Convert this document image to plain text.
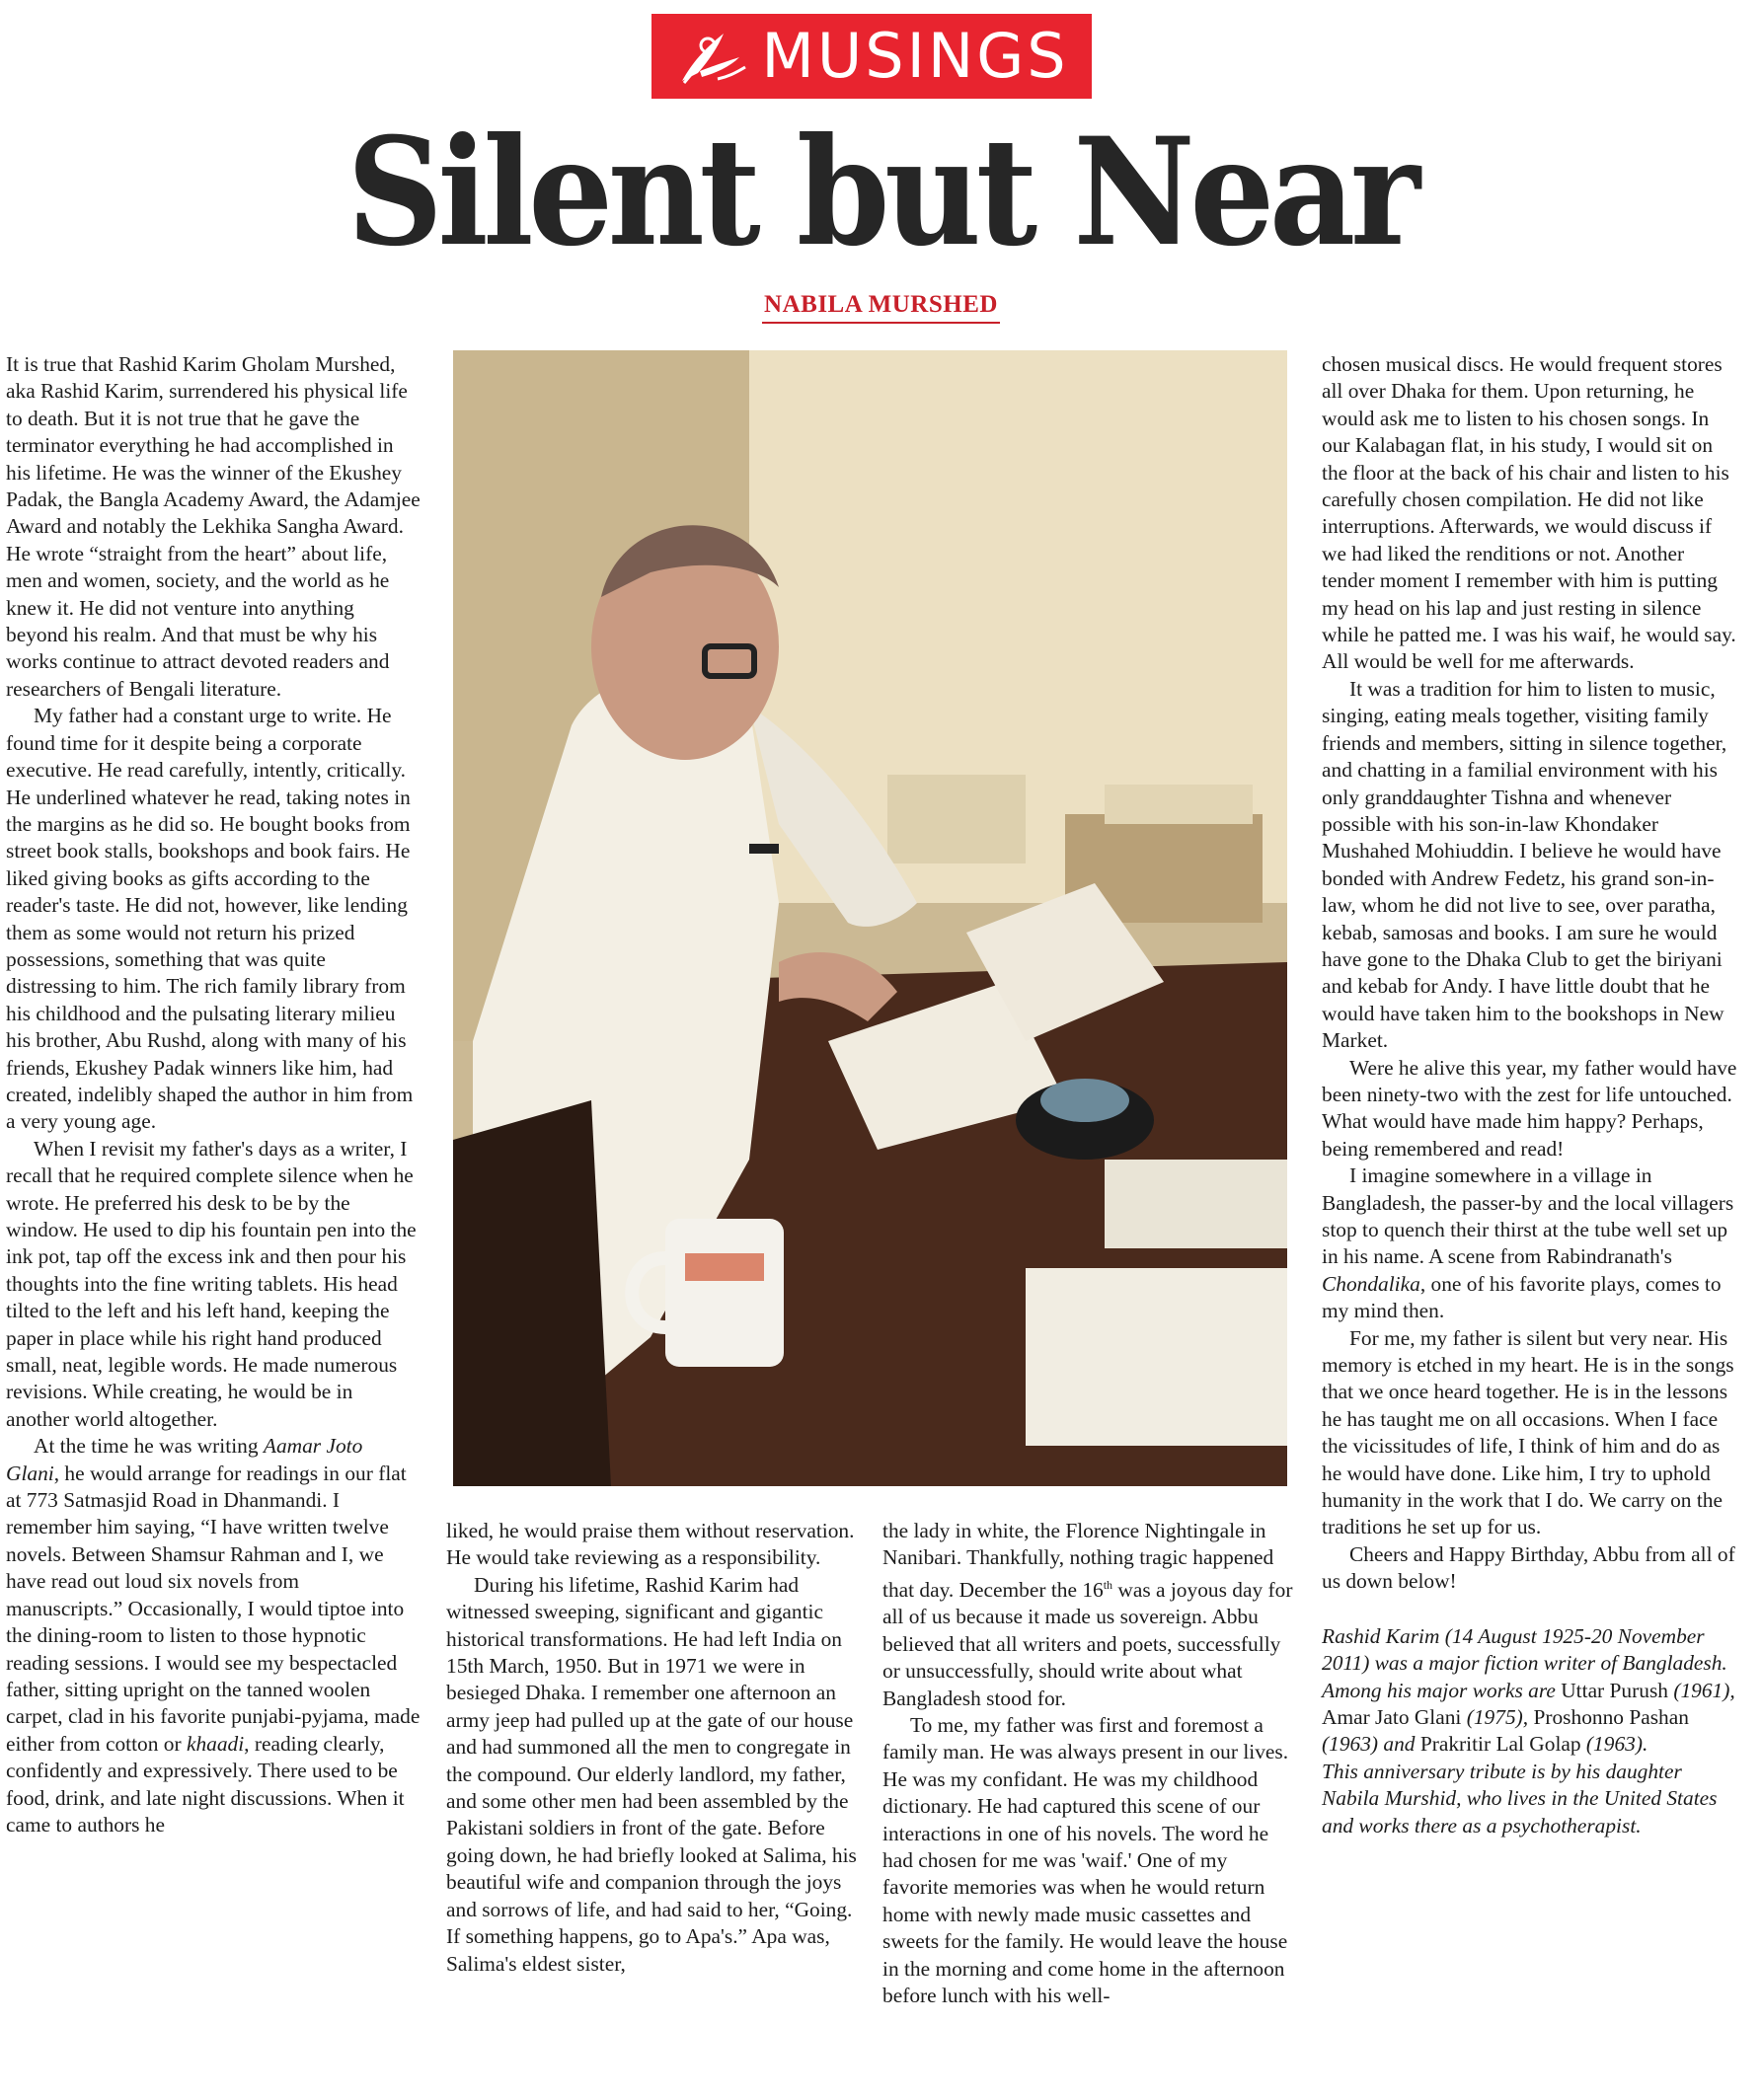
MUSINGS
Silent but Near
NABILA MURSHED

It is true that Rashid Karim Gholam Murshed, aka Rashid Karim, surrendered his physical life to death. But it is not true that he gave the terminator everything he had accomplished in his lifetime. He was the winner of the Ekushey Padak, the Bangla Academy Award, the Adamjee Award and notably the Lekhika Sangha Award. He wrote “straight from the heart” about life, men and women, society, and the world as he knew it. He did not venture into anything beyond his realm. And that must be why his works continue to attract devoted readers and researchers of Bengali literature.

My father had a constant urge to write. He found time for it despite being a corporate executive. He read carefully, intently, critically. He underlined whatever he read, taking notes in the margins as he did so. He bought books from street book stalls, bookshops and book fairs. He liked giving books as gifts according to the reader's taste. He did not, however, like lending them as some would not return his prized possessions, something that was quite distressing to him. The rich family library from his childhood and the pulsating literary milieu his brother, Abu Rushd, along with many of his friends, Ekushey Padak winners like him, had created, indelibly shaped the author in him from a very young age.

When I revisit my father's days as a writer, I recall that he required complete silence when he wrote. He preferred his desk to be by the window. He used to dip his fountain pen into the ink pot, tap off the excess ink and then pour his thoughts into the fine writing tablets. His head tilted to the left and his left hand, keeping the paper in place while his right hand produced small, neat, legible words. He made numerous revisions. While creating, he would be in another world altogether.

At the time he was writing Aamar Joto Glani, he would arrange for readings in our flat at 773 Satmasjid Road in Dhanmandi. I remember him saying, “I have written twelve novels. Between Shamsur Rahman and I, we have read out loud six novels from manuscripts.” Occasionally, I would tiptoe into the dining-room to listen to those hypnotic reading sessions. I would see my bespectacled father, sitting upright on the tanned woolen carpet, clad in his favorite punjabi-pyjama, made either from cotton or khaadi, reading clearly, confidently and expressively. There used to be food, drink, and late night discussions. When it came to authors he

liked, he would praise them without reservation. He would take reviewing as a responsibility.

During his lifetime, Rashid Karim had witnessed sweeping, significant and gigantic historical transformations. He had left India on 15th March, 1950. But in 1971 we were in besieged Dhaka. I remember one afternoon an army jeep had pulled up at the gate of our house and had summoned all the men to congregate in the compound. Our elderly landlord, my father, and some other men had been assembled by the Pakistani soldiers in front of the gate. Before going down, he had briefly looked at Salima, his beautiful wife and companion through the joys and sorrows of life, and had said to her, “Going. If something happens, go to Apa's.” Apa was, Salima's eldest sister,

the lady in white, the Florence Nightingale in Nanibari. Thankfully, nothing tragic happened that day. December the 16th was a joyous day for all of us because it made us sovereign. Abbu believed that all writers and poets, successfully or unsuccessfully, should write about what Bangladesh stood for.

To me, my father was first and foremost a family man. He was always present in our lives. He was my confidant. He was my childhood dictionary. He had captured this scene of our interactions in one of his novels. The word he had chosen for me was 'waif.' One of my favorite memories was when he would return home with newly made music cassettes and sweets for the family. He would leave the house in the morning and come home in the afternoon before lunch with his well-

chosen musical discs. He would frequent stores all over Dhaka for them. Upon returning, he would ask me to listen to his chosen songs. In our Kalabagan flat, in his study, I would sit on the floor at the back of his chair and listen to his carefully chosen compilation. He did not like interruptions. Afterwards, we would discuss if we had liked the renditions or not. Another tender moment I remember with him is putting my head on his lap and just resting in silence while he patted me. I was his waif, he would say. All would be well for me afterwards.

It was a tradition for him to listen to music, singing, eating meals together, visiting family friends and members, sitting in silence together, and chatting in a familial environment with his only granddaughter Tishna and whenever possible with his son-in-law Khondaker Mushahed Mohiuddin. I believe he would have bonded with Andrew Fedetz, his grand son-in-law, whom he did not live to see, over paratha, kebab, samosas and books. I am sure he would have gone to the Dhaka Club to get the biriyani and kebab for Andy. I have little doubt that he would have taken him to the bookshops in New Market.

Were he alive this year, my father would have been ninety-two with the zest for life untouched. What would have made him happy? Perhaps, being remembered and read!

I imagine somewhere in a village in Bangladesh, the passer-by and the local villagers stop to quench their thirst at the tube well set up in his name. A scene from Rabindranath's Chondalika, one of his favorite plays, comes to my mind then.

For me, my father is silent but very near. His memory is etched in my heart. He is in the songs that we once heard together. He is in the lessons he has taught me on all occasions. When I face the vicissitudes of life, I think of him and do as he would have done. Like him, I try to uphold humanity in the work that I do. We carry on the traditions he set up for us.

Cheers and Happy Birthday, Abbu from all of us down below!

Rashid Karim (14 August 1925-20 November 2011) was a major fiction writer of Bangladesh. Among his major works are Uttar Purush (1961), Amar Jato Glani (1975), Proshonno Pashan (1963) and Prakritir Lal Golap (1963).
This anniversary tribute is by his daughter Nabila Murshid, who lives in the United States and works there as a psychotherapist.
